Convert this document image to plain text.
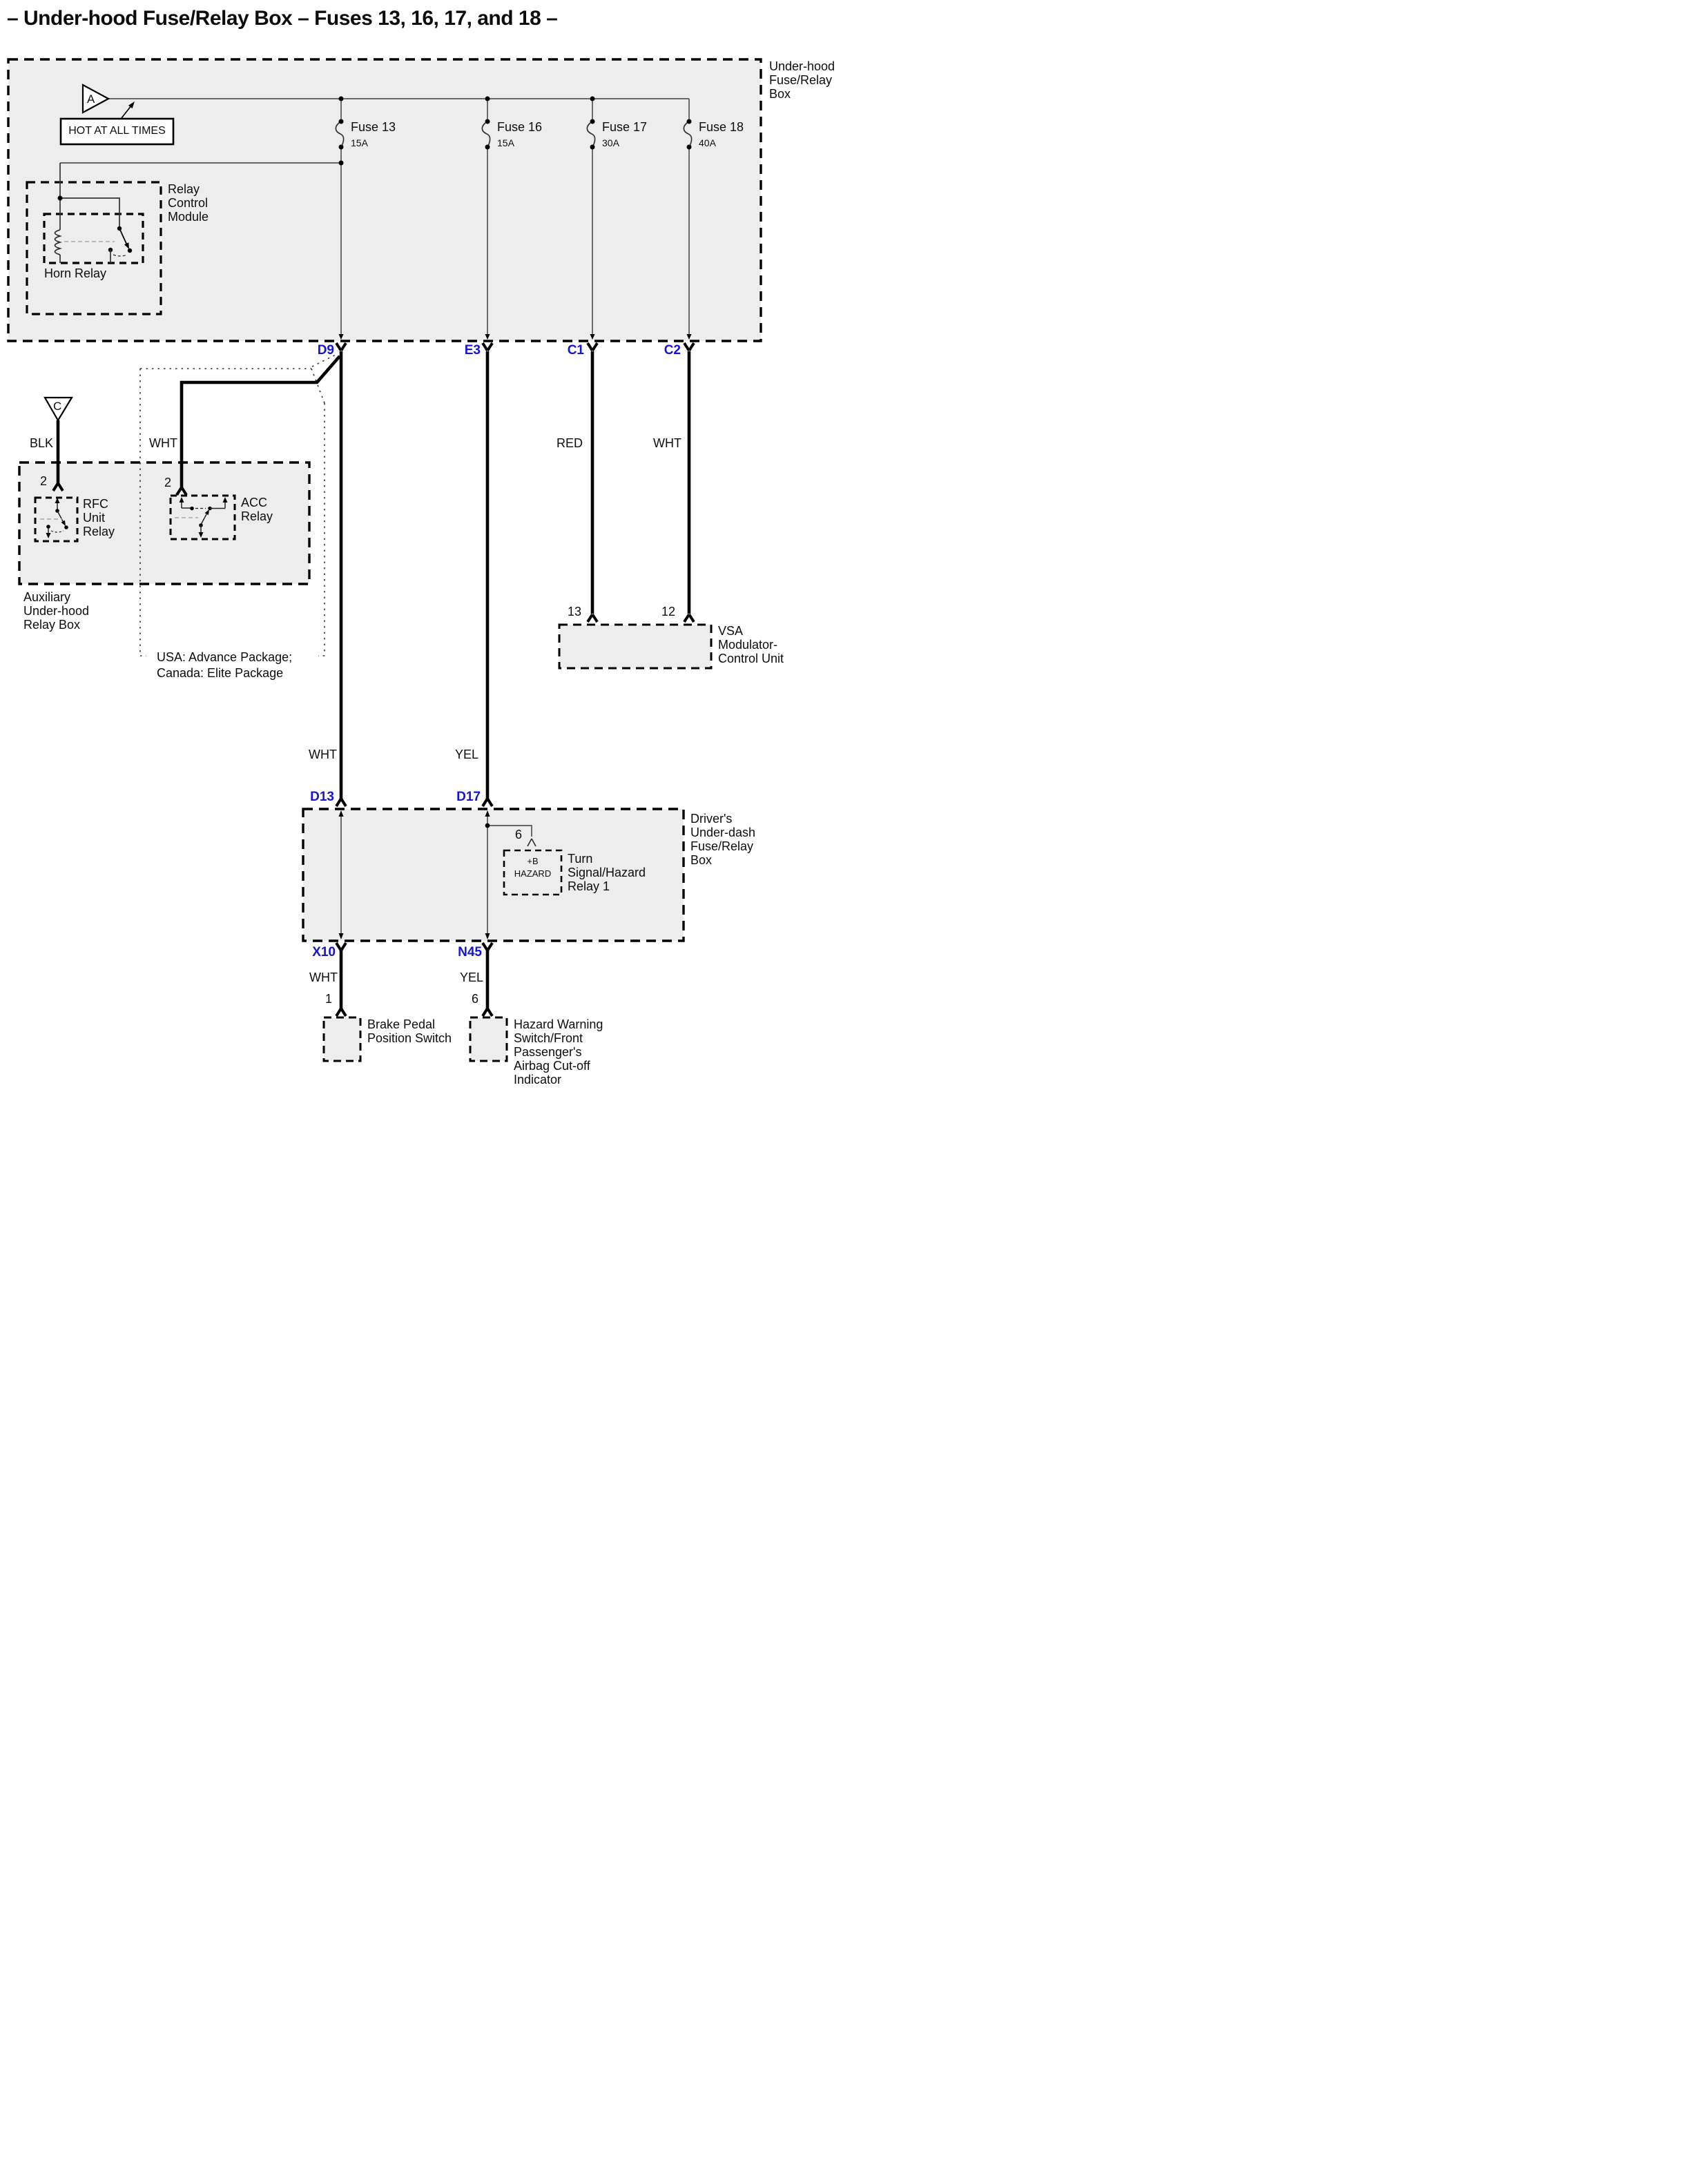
– Under-hood Fuse/Relay Box – Fuses 13, 16, 17, and 18 –
Under-hood
Fuse/Relay
Box
A
HOT AT ALL TIMES	Fuse 13
15A
Fuse 16
15A
Fuse 17
30A
Fuse 18
40A
Relay
Control
Module
Horn Relay
D9	E3	C1	C2
C
BLK	WHT	RED	WHT
2	2
RFC
Unit
Relay
ACC
Relay
Auxiliary
Under-hood
Relay Box
USA: Advance Package;
Canada: Elite Package
13	12
VSA
Modulator-
Control Unit
WHT	YEL
D13	D17
Driver's
Under-dash
Fuse/Relay
Box
6
+B
HAZARD
Turn
Signal/Hazard
Relay 1
X10	N45
WHT	YEL
1	6
Brake Pedal
Position Switch
Hazard Warning
Switch/Front
Passenger's
Airbag Cut-off
Indicator
